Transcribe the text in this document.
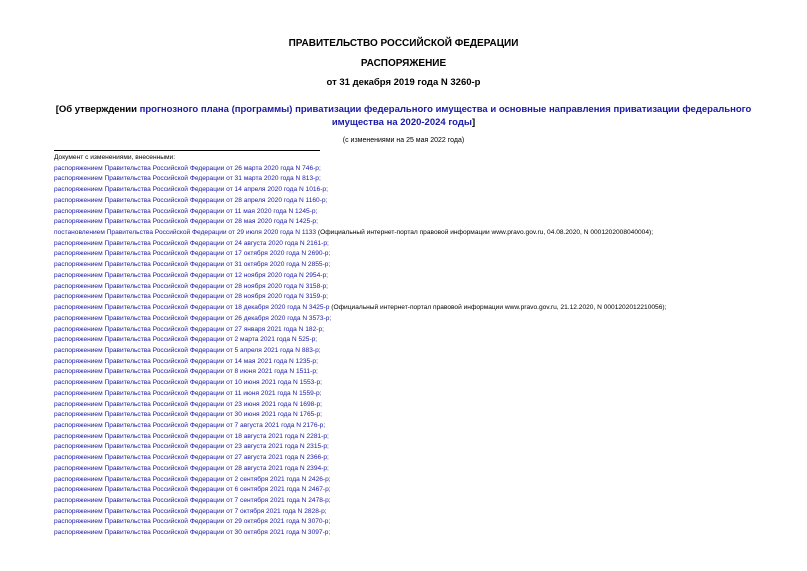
ПРАВИТЕЛЬСТВО РОССИЙСКОЙ ФЕДЕРАЦИИ
РАСПОРЯЖЕНИЕ
от 31 декабря 2019 года N 3260-р
[Об утверждении прогнозного плана (программы) приватизации федерального имущества и основные направления приватизации федерального имущества на 2020-2024 годы]
(с изменениями на 25 мая 2022 года)
Документ с изменениями, внесенными:
распоряжением Правительства Российской Федерации от 26 марта 2020 года N 746-р;
распоряжением Правительства Российской Федерации от 31 марта 2020 года N 813-р;
распоряжением Правительства Российской Федерации от 14 апреля 2020 года N 1016-р;
распоряжением Правительства Российской Федерации от 28 апреля 2020 года N 1160-р;
распоряжением Правительства Российской Федерации от 11 мая 2020 года N 1245-р;
распоряжением Правительства Российской Федерации от 28 мая 2020 года N 1425-р;
постановлением Правительства Российской Федерации от 29 июля 2020 года N 1133 (Официальный интернет-портал правовой информации www.pravo.gov.ru, 04.08.2020, N 0001202008040004);
распоряжением Правительства Российской Федерации от 24 августа 2020 года N 2161-р;
распоряжением Правительства Российской Федерации от 17 октября 2020 года N 2690-р;
распоряжением Правительства Российской Федерации от 31 октября 2020 года N 2855-р;
распоряжением Правительства Российской Федерации от 12 ноября 2020 года N 2954-р;
распоряжением Правительства Российской Федерации от 28 ноября 2020 года N 3158-р;
распоряжением Правительства Российской Федерации от 28 ноября 2020 года N 3159-р;
распоряжением Правительства Российской Федерации от 18 декабря 2020 года N 3425-р (Официальный интернет-портал правовой информации www.pravo.gov.ru, 21.12.2020, N 0001202012210056);
распоряжением Правительства Российской Федерации от 26 декабря 2020 года N 3573-р;
распоряжением Правительства Российской Федерации от 27 января 2021 года N 182-р;
распоряжением Правительства Российской Федерации от 2 марта 2021 года N 525-р;
распоряжением Правительства Российской Федерации от 5 апреля 2021 года N 883-р;
распоряжением Правительства Российской Федерации от 14 мая 2021 года N 1235-р;
распоряжением Правительства Российской Федерации от 8 июня 2021 года N 1511-р;
распоряжением Правительства Российской Федерации от 10 июня 2021 года N 1553-р;
распоряжением Правительства Российской Федерации от 11 июня 2021 года N 1559-р;
распоряжением Правительства Российской Федерации от 23 июня 2021 года N 1698-р;
распоряжением Правительства Российской Федерации от 30 июня 2021 года N 1765-р;
распоряжением Правительства Российской Федерации от 7 августа 2021 года N 2176-р;
распоряжением Правительства Российской Федерации от 18 августа 2021 года N 2281-р;
распоряжением Правительства Российской Федерации от 23 августа 2021 года N 2315-р;
распоряжением Правительства Российской Федерации от 27 августа 2021 года N 2366-р;
распоряжением Правительства Российской Федерации от 28 августа 2021 года N 2394-р;
распоряжением Правительства Российской Федерации от 2 сентября 2021 года N 2426-р;
распоряжением Правительства Российской Федерации от 6 сентября 2021 года N 2467-р;
распоряжением Правительства Российской Федерации от 7 сентября 2021 года N 2478-р;
распоряжением Правительства Российской Федерации от 7 октября 2021 года N 2828-р;
распоряжением Правительства Российской Федерации от 29 октября 2021 года N 3070-р;
распоряжением Правительства Российской Федерации от 30 октября 2021 года N 3097-р;
